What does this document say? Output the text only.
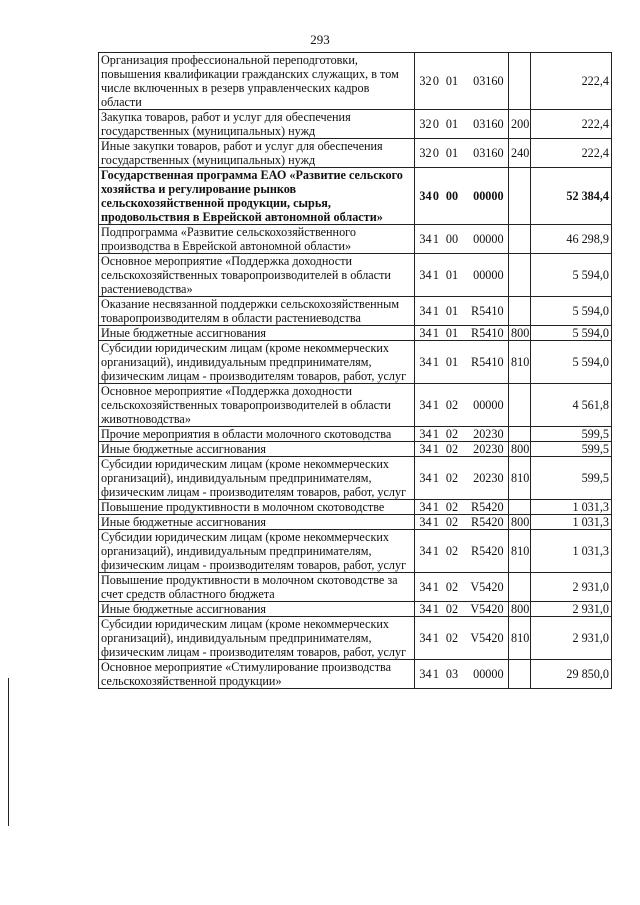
293
Организация профессиональной переподготовки, повышения квалификации гражданских служащих, в том числе включенных в резерв управленческих кадров области	32 0 01 03160		222,4
Закупка товаров, работ и услуг для обеспечения государственных (муниципальных) нужд	32 0 01 03160	200	222,4
Иные закупки товаров, работ и услуг для обеспечения государственных (муниципальных) нужд	32 0 01 03160	240	222,4
Государственная программа ЕАО «Развитие сельского хозяйства и регулирование рынков сельскохозяйственной продукции, сырья, продовольствия в Еврейской автономной области»	34 0 00 00000		52 384,4
Подпрограмма «Развитие сельскохозяйственного производства в Еврейской автономной области»	34 1 00 00000		46 298,9
Основное мероприятие «Поддержка доходности сельскохозяйственных товаропроизводителей в области растениеводства»	34 1 01 00000		5 594,0
Оказание несвязанной поддержки сельскохозяйственным товаропроизводителям в области растениеводства	34 1 01 R5410		5 594,0
Иные бюджетные ассигнования	34 1 01 R5410	800	5 594,0
Субсидии юридическим лицам (кроме некоммерческих организаций), индивидуальным предпринимателям, физическим лицам - производителям товаров, работ, услуг	34 1 01 R5410	810	5 594,0
Основное мероприятие «Поддержка доходности сельскохозяйственных товаропроизводителей в области животноводства»	34 1 02 00000		4 561,8
Прочие мероприятия в области молочного скотоводства	34 1 02 20230		599,5
Иные бюджетные ассигнования	34 1 02 20230	800	599,5
Субсидии юридическим лицам (кроме некоммерческих организаций), индивидуальным предпринимателям, физическим лицам - производителям товаров, работ, услуг	34 1 02 20230	810	599,5
Повышение продуктивности в молочном скотоводстве	34 1 02 R5420		1 031,3
Иные бюджетные ассигнования	34 1 02 R5420	800	1 031,3
Субсидии юридическим лицам (кроме некоммерческих организаций), индивидуальным предпринимателям, физическим лицам - производителям товаров, работ, услуг	34 1 02 R5420	810	1 031,3
Повышение продуктивности в молочном скотоводстве за счет средств областного бюджета	34 1 02 V5420		2 931,0
Иные бюджетные ассигнования	34 1 02 V5420	800	2 931,0
Субсидии юридическим лицам (кроме некоммерческих организаций), индивидуальным предпринимателям, физическим лицам - производителям товаров, работ, услуг	34 1 02 V5420	810	2 931,0
Основное мероприятие «Стимулирование производства сельскохозяйственной продукции»	34 1 03 00000		29 850,0
